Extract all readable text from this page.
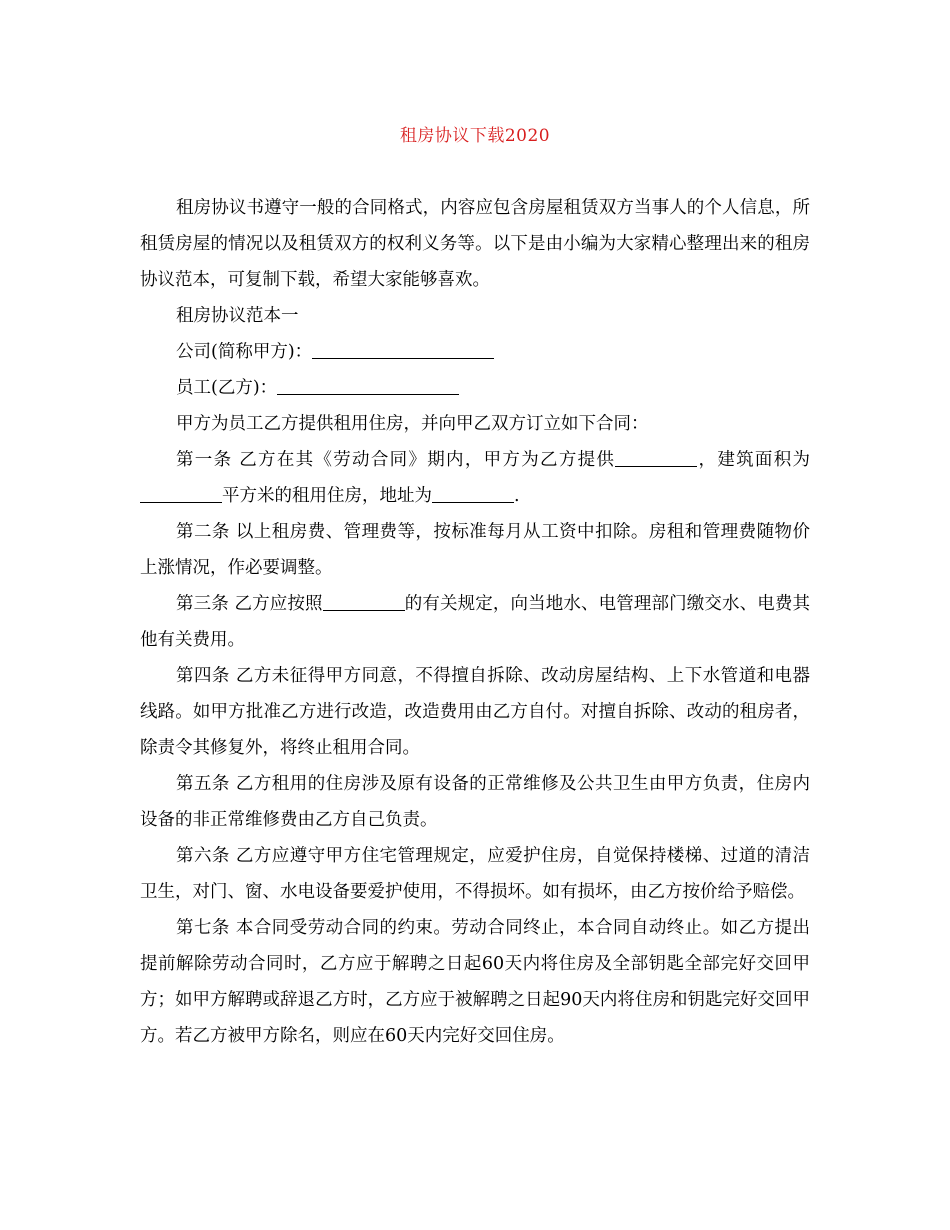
租房协议下载2020

租房协议书遵守一般的合同格式，内容应包含房屋租赁双方当事人的个人信息，所租赁房屋的情况以及租赁双方的权利义务等。以下是由小编为大家精心整理出来的租房协议范本，可复制下载，希望大家能够喜欢。

租房协议范本一

公司(简称甲方)：

员工(乙方)：

甲方为员工乙方提供租用住房，并向甲乙双方订立如下合同：

第一条 乙方在其《劳动合同》期内，甲方为乙方提供	，建筑面积为平方米的租用住房，地址为	.

第二条 以上租房费、管理费等，按标准每月从工资中扣除。房租和管理费随物价上涨情况，作必要调整。

第三条 乙方应按照	的有关规定，向当地水、电管理部门缴交水、电费其他有关费用。

第四条 乙方未征得甲方同意，不得擅自拆除、改动房屋结构、上下水管道和电器线路。如甲方批准乙方进行改造，改造费用由乙方自付。对擅自拆除、改动的租房者，除责令其修复外，将终止租用合同。

第五条 乙方租用的住房涉及原有设备的正常维修及公共卫生由甲方负责，住房内设备的非正常维修费由乙方自己负责。

第六条 乙方应遵守甲方住宅管理规定，应爱护住房，自觉保持楼梯、过道的清洁卫生，对门、窗、水电设备要爱护使用，不得损坏。如有损坏，由乙方按价给予赔偿。

第七条 本合同受劳动合同的约束。劳动合同终止，本合同自动终止。如乙方提出提前解除劳动合同时，乙方应于解聘之日起60天内将住房及全部钥匙全部完好交回甲方；如甲方解聘或辞退乙方时，乙方应于被解聘之日起90天内将住房和钥匙完好交回甲方。若乙方被甲方除名，则应在60天内完好交回住房。
